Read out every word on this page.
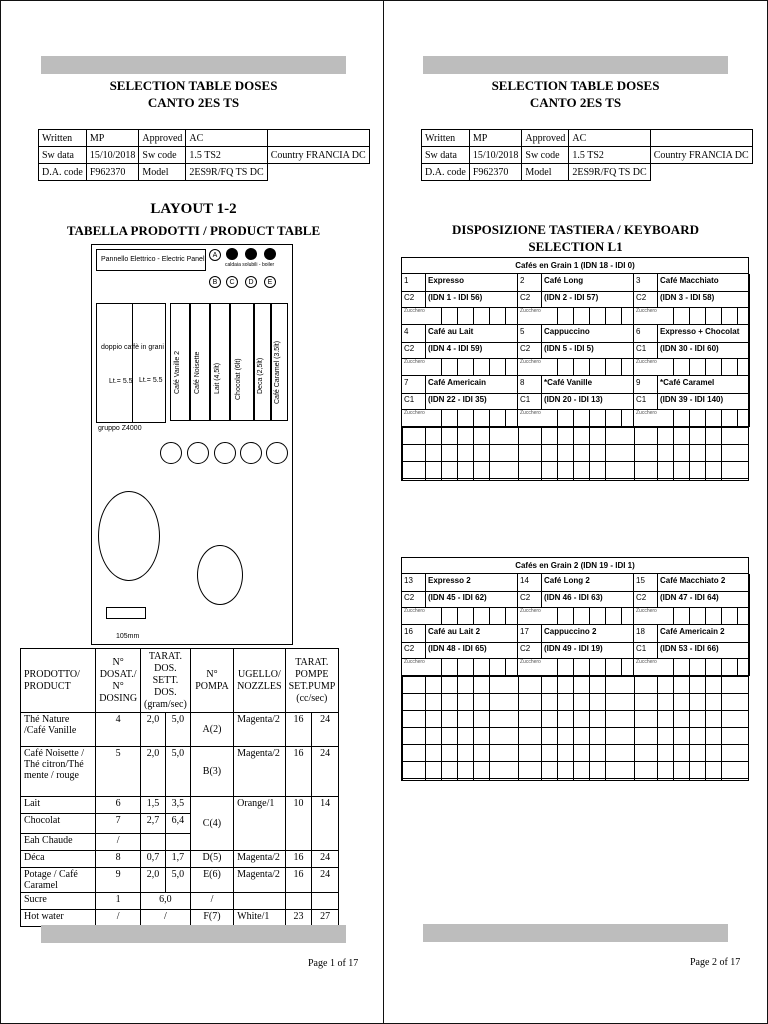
SELECTION TABLE DOSES
CANTO 2ES TS
Written	MP	Approved	AC	
Sw data	15/10/2018	Sw code	1.5 TS2	Country FRANCIA DC
D.A. code	F962370	Model	2ES9R/FQ TS DC	
LAYOUT 1-2
TABELLA PRODOTTI / PRODUCT TABLE
Pannello Elettrico - Electric Panel
A
caldaia solubili - boiler
B	C	D	E
doppio caffè in grani
Lt.= 5.5 Lt.= 5.5
gruppo Z4000
Café Vanille 2 Café Noisette Lait (4,5lt) Chocolat (6lt) Deca (2,5lt) Café Caramel (3.5lt)
105mm
PRODOTTO/ PRODUCT	N° DOSAT./ N° DOSING	TARAT. DOS. SETT. DOS. (gram/sec)		N° POMPA	UGELLO/ NOZZLES	TARAT. POMPE SET.PUMP (cc/sec)	
Thé Nature /Café Vanille	4	2,0	5,0	A(2)	Magenta/2	16	24
Café Noisette / Thé citron/Thé mente / rouge	5	2,0	5,0	B(3)	Magenta/2	16	24
Lait	6	1,5	3,5	C(4)	Orange/1	10	14
Chocolat	7	2,7	6,4				
Eah Chaude	/						
Déca	8	0,7	1,7	D(5)	Magenta/2	16	24
Potage / Café Caramel	9	2,0	5,0	E(6)	Magenta/2	16	24
Sucre	1	6,0		/			
Hot water	/	/		F(7)	White/1	23	27
Page 1 of 17
SELECTION TABLE DOSES
CANTO 2ES TS
Written	MP	Approved	AC	
Sw data	15/10/2018	Sw code	1.5 TS2	Country FRANCIA DC
D.A. code	F962370	Model	2ES9R/FQ TS DC	
DISPOSIZIONE TASTIERA / KEYBOARD SELECTION L1
Cafés en Grain 1 (IDN 18 - IDI 0)
1 Expresso
C2 (IDN 1 - IDI 56)
Zucchero
2 Café Long
C2 (IDN 2 - IDI 57)
Zucchero
3 Café Macchiato
C2 (IDN 3 - IDI 58)
Zucchero
4 Café au Lait
C2 (IDN 4 - IDI 59)
Zucchero
5 Cappuccino
C2 (IDN 5 - IDI 5)
Zucchero
6 Expresso + Chocolat
C1 (IDN 30 - IDI 60)
Zucchero
7 Café Americain
C1 (IDN 22 - IDI 35)
Zucchero
8 *Café Vanille
C1 (IDN 20 - IDI 13)
Zucchero
9 *Café Caramel
C1 (IDN 39 - IDI 140)
Zucchero
Cafés en Grain 2 (IDN 19 - IDI 1)
13 Expresso 2
C2 (IDN 45 - IDI 62)
Zucchero
14 Café Long 2
C2 (IDN 46 - IDI 63)
Zucchero
15 Café Macchiato 2
C2 (IDN 47 - IDI 64)
Zucchero
16 Café au Lait 2
C2 (IDN 48 - IDI 65)
Zucchero
17 Cappuccino 2
C2 (IDN 49 - IDI 19)
Zucchero
18 Café Americain 2
C1 (IDN 53 - IDI 66)
Zucchero
Page 2 of 17
